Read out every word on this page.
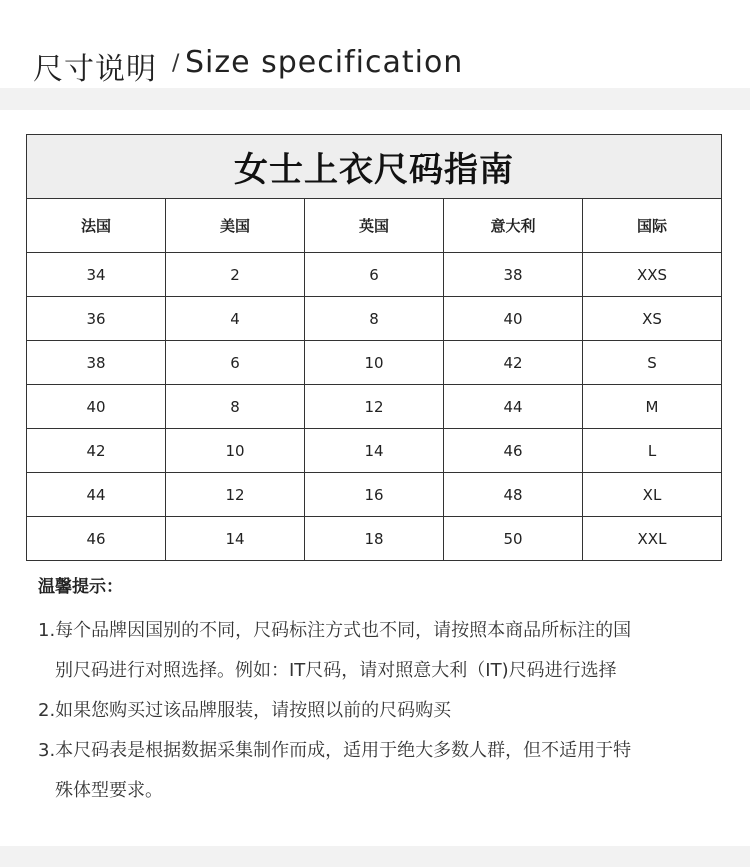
尺寸说明 / Size specification
女士上衣尺码指南				
法国	美国	英国	意大利	国际
34	2	6	38	XXS
36	4	8	40	XS
38	6	10	42	S
40	8	12	44	M
42	10	14	46	L
44	12	16	48	XL
46	14	18	50	XXL

温馨提示：

1.每个品牌因国别的不同，尺码标注方式也不同，请按照本商品所标注的国
别尺码进行对照选择。例如：IT尺码，请对照意大利（IT)尺码进行选择

2.如果您购买过该品牌服装，请按照以前的尺码购买

3.本尺码表是根据数据采集制作而成，适用于绝大多数人群，但不适用于特
殊体型要求。
